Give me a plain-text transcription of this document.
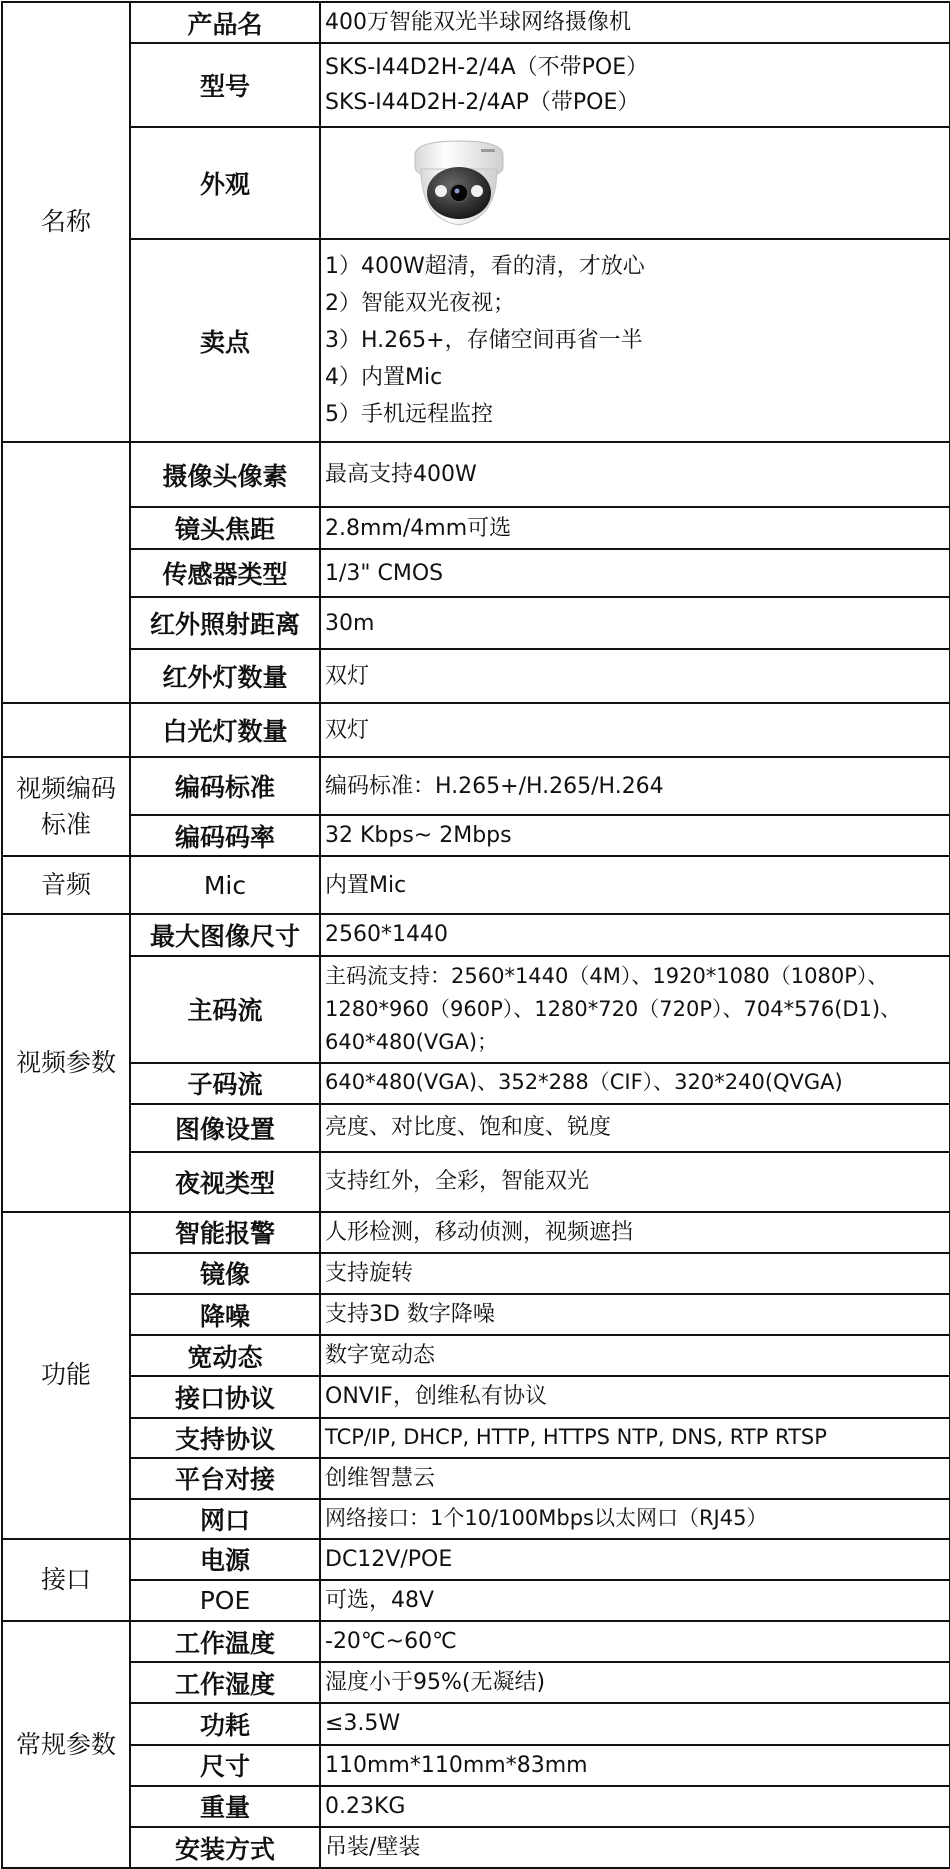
名称	产品名	400万智能双光半球网络摄像机
	型号	SKS-I44D2H-2/4A（不带POE）
SKS-I44D2H-2/4AP（带POE）

	外观	

	卖点	1）400W超清，看的清，才放心
2）智能双光夜视；
3）H.265+，存储空间再省一半
4）内置Mic
5）手机远程监控

	摄像头像素	最高支持400W
	镜头焦距	2.8mm/4mm可选
	传感器类型	1/3" CMOS
	红外照射距离	30m
	红外灯数量	双灯
	白光灯数量	双灯
视频编码标准	编码标准	编码标准：H.265+/H.265/H.264
	编码码率	32 Kbps~ 2Mbps
音频	Mic	内置Mic
视频参数	最大图像尺寸	2560*1440
	主码流	主码流支持：2560*1440（4M）、1920*1080（1080P）、
1280*960（960P）、1280*720（720P）、704*576(D1)、
640*480(VGA)；

	子码流	640*480(VGA)、352*288（CIF）、320*240(QVGA)
	图像设置	亮度、对比度、饱和度、锐度
	夜视类型	支持红外，全彩，智能双光
功能	智能报警	人形检测，移动侦测，视频遮挡
	镜像	支持旋转
	降噪	支持3D 数字降噪
	宽动态	数字宽动态
	接口协议	ONVIF，创维私有协议
	支持协议	TCP/IP, DHCP, HTTP, HTTPS NTP, DNS, RTP RTSP
	平台对接	创维智慧云
	网口	网络接口：1个10/100Mbps以太网口（RJ45）
接口	电源	DC12V/POE
	POE	可选，48V
常规参数	工作温度	-20℃~60℃
	工作湿度	湿度小于95%(无凝结)
	功耗	≤3.5W
	尺寸	110mm*110mm*83mm
	重量	0.23KG
	安装方式	吊装/壁装
